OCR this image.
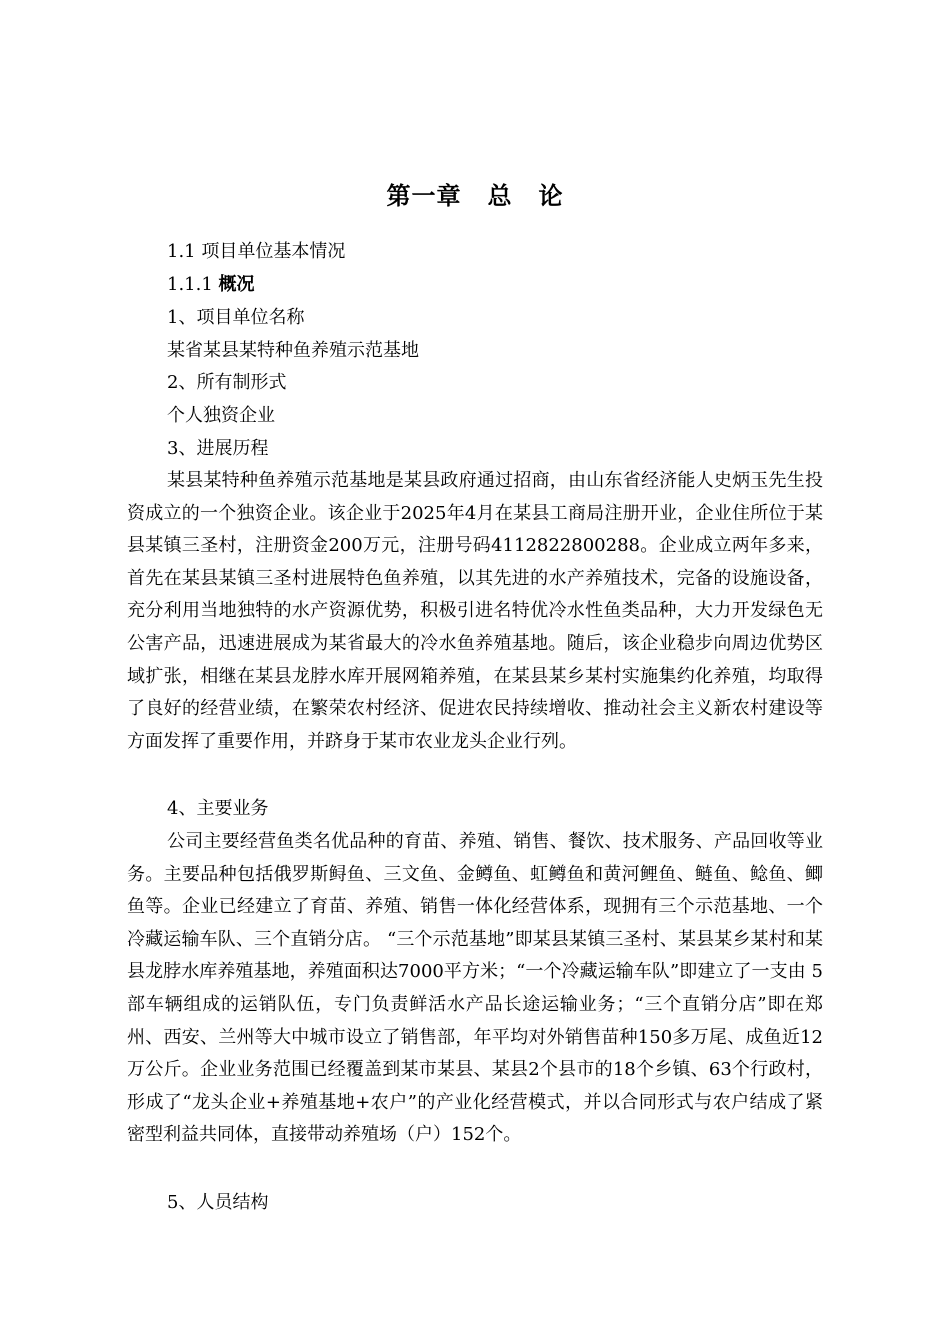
第一章 总 论
1.1 项目单位基本情况
1.1.1 概况
1、项目单位名称
某省某县某特种鱼养殖示范基地
2、所有制形式
个人独资企业
3、进展历程

某县某特种鱼养殖示范基地是某县政府通过招商，由山东省经济能人史炳玉先生投资成立的一个独资企业。该企业于2025年4月在某县工商局注册开业，企业住所位于某县某镇三圣村，注册资金200万元，注册号码4112822800288。企业成立两年多来，首先在某县某镇三圣村进展特色鱼养殖，以其先进的水产养殖技术，完备的设施设备，充分利用当地独特的水产资源优势，积极引进名特优冷水性鱼类品种，大力开发绿色无公害产品，迅速进展成为某省最大的冷水鱼养殖基地。随后，该企业稳步向周边优势区域扩张，相继在某县龙脖水库开展网箱养殖，在某县某乡某村实施集约化养殖，均取得了良好的经营业绩，在繁荣农村经济、促进农民持续增收、推动社会主义新农村建设等方面发挥了重要作用，并跻身于某市农业龙头企业行列。

4、主要业务

公司主要经营鱼类名优品种的育苗、养殖、销售、餐饮、技术服务、产品回收等业务。主要品种包括俄罗斯鲟鱼、三文鱼、金鳟鱼、虹鳟鱼和黄河鲤鱼、鲢鱼、鲶鱼、鲫鱼等。企业已经建立了育苗、养殖、销售一体化经营体系，现拥有三个示范基地、一个冷藏运输车队、三个直销分店。 “三个示范基地”即某县某镇三圣村、某县某乡某村和某县龙脖水库养殖基地，养殖面积达7000平方米；“一个冷藏运输车队”即建立了一支由 5部车辆组成的运销队伍，专门负责鲜活水产品长途运输业务；“三个直销分店”即在郑州、西安、兰州等大中城市设立了销售部，年平均对外销售苗种150多万尾、成鱼近12万公斤。企业业务范围已经覆盖到某市某县、某县2个县市的18个乡镇、63个行政村，形成了“龙头企业+养殖基地+农户”的产业化经营模式，并以合同形式与农户结成了紧密型利益共同体，直接带动养殖场（户）152个。

5、人员结构
